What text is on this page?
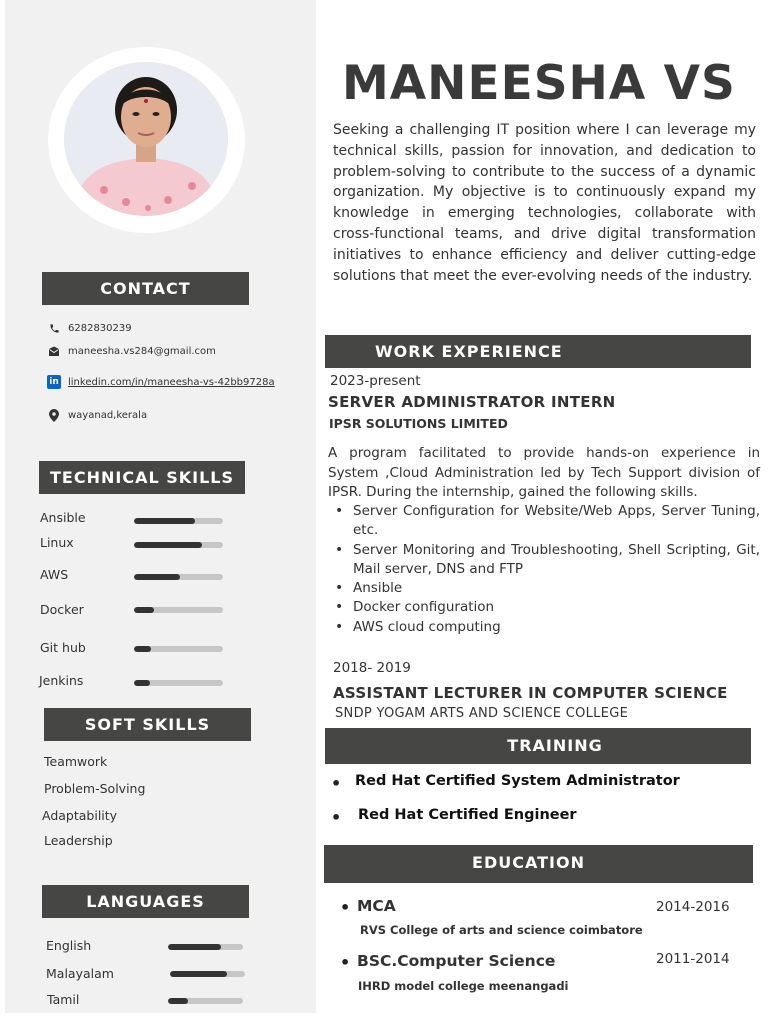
CONTACT
6282830239
maneesha.vs284@gmail.com
in linkedin.com/in/maneesha-vs-42bb9728a
wayanad,kerala
TECHNICAL SKILLS
Ansible
Linux
AWS
Docker
Git hub
Jenkins
SOFT SKILLS
Teamwork
Problem-Solving
Adaptability
Leadership
LANGUAGES
English
Malayalam
Tamil
MANEESHA VS
Seeking a challenging IT position where I can leverage my technical skills, passion for innovation, and dedication to problem-solving to contribute to the success of a dynamic organization. My objective is to continuously expand my knowledge in emerging technologies, collaborate with cross-functional teams, and drive digital transformation initiatives to enhance efficiency and deliver cutting-edge solutions that meet the ever-evolving needs of the industry.
WORK EXPERIENCE
2023-present
SERVER ADMINISTRATOR INTERN
IPSR SOLUTIONS LIMITED
A program facilitated to provide hands-on experience in System ,Cloud Administration led by Tech Support division of IPSR. During the internship, gained the following skills.
• Server Configuration for Website/Web Apps, Server Tuning, etc.
• Server Monitoring and Troubleshooting, Shell Scripting, Git, Mail server, DNS and FTP
• Ansible
• Docker configuration
• AWS cloud computing
2018- 2019
ASSISTANT LECTURER IN COMPUTER SCIENCE
SNDP YOGAM ARTS AND SCIENCE COLLEGE
TRAINING
• Red Hat Certified System Administrator
• Red Hat Certified Engineer
EDUCATION
• MCA	2014-2016
RVS College of arts and science coimbatore
• BSC.Computer Science	2011-2014
IHRD model college meenangadi
